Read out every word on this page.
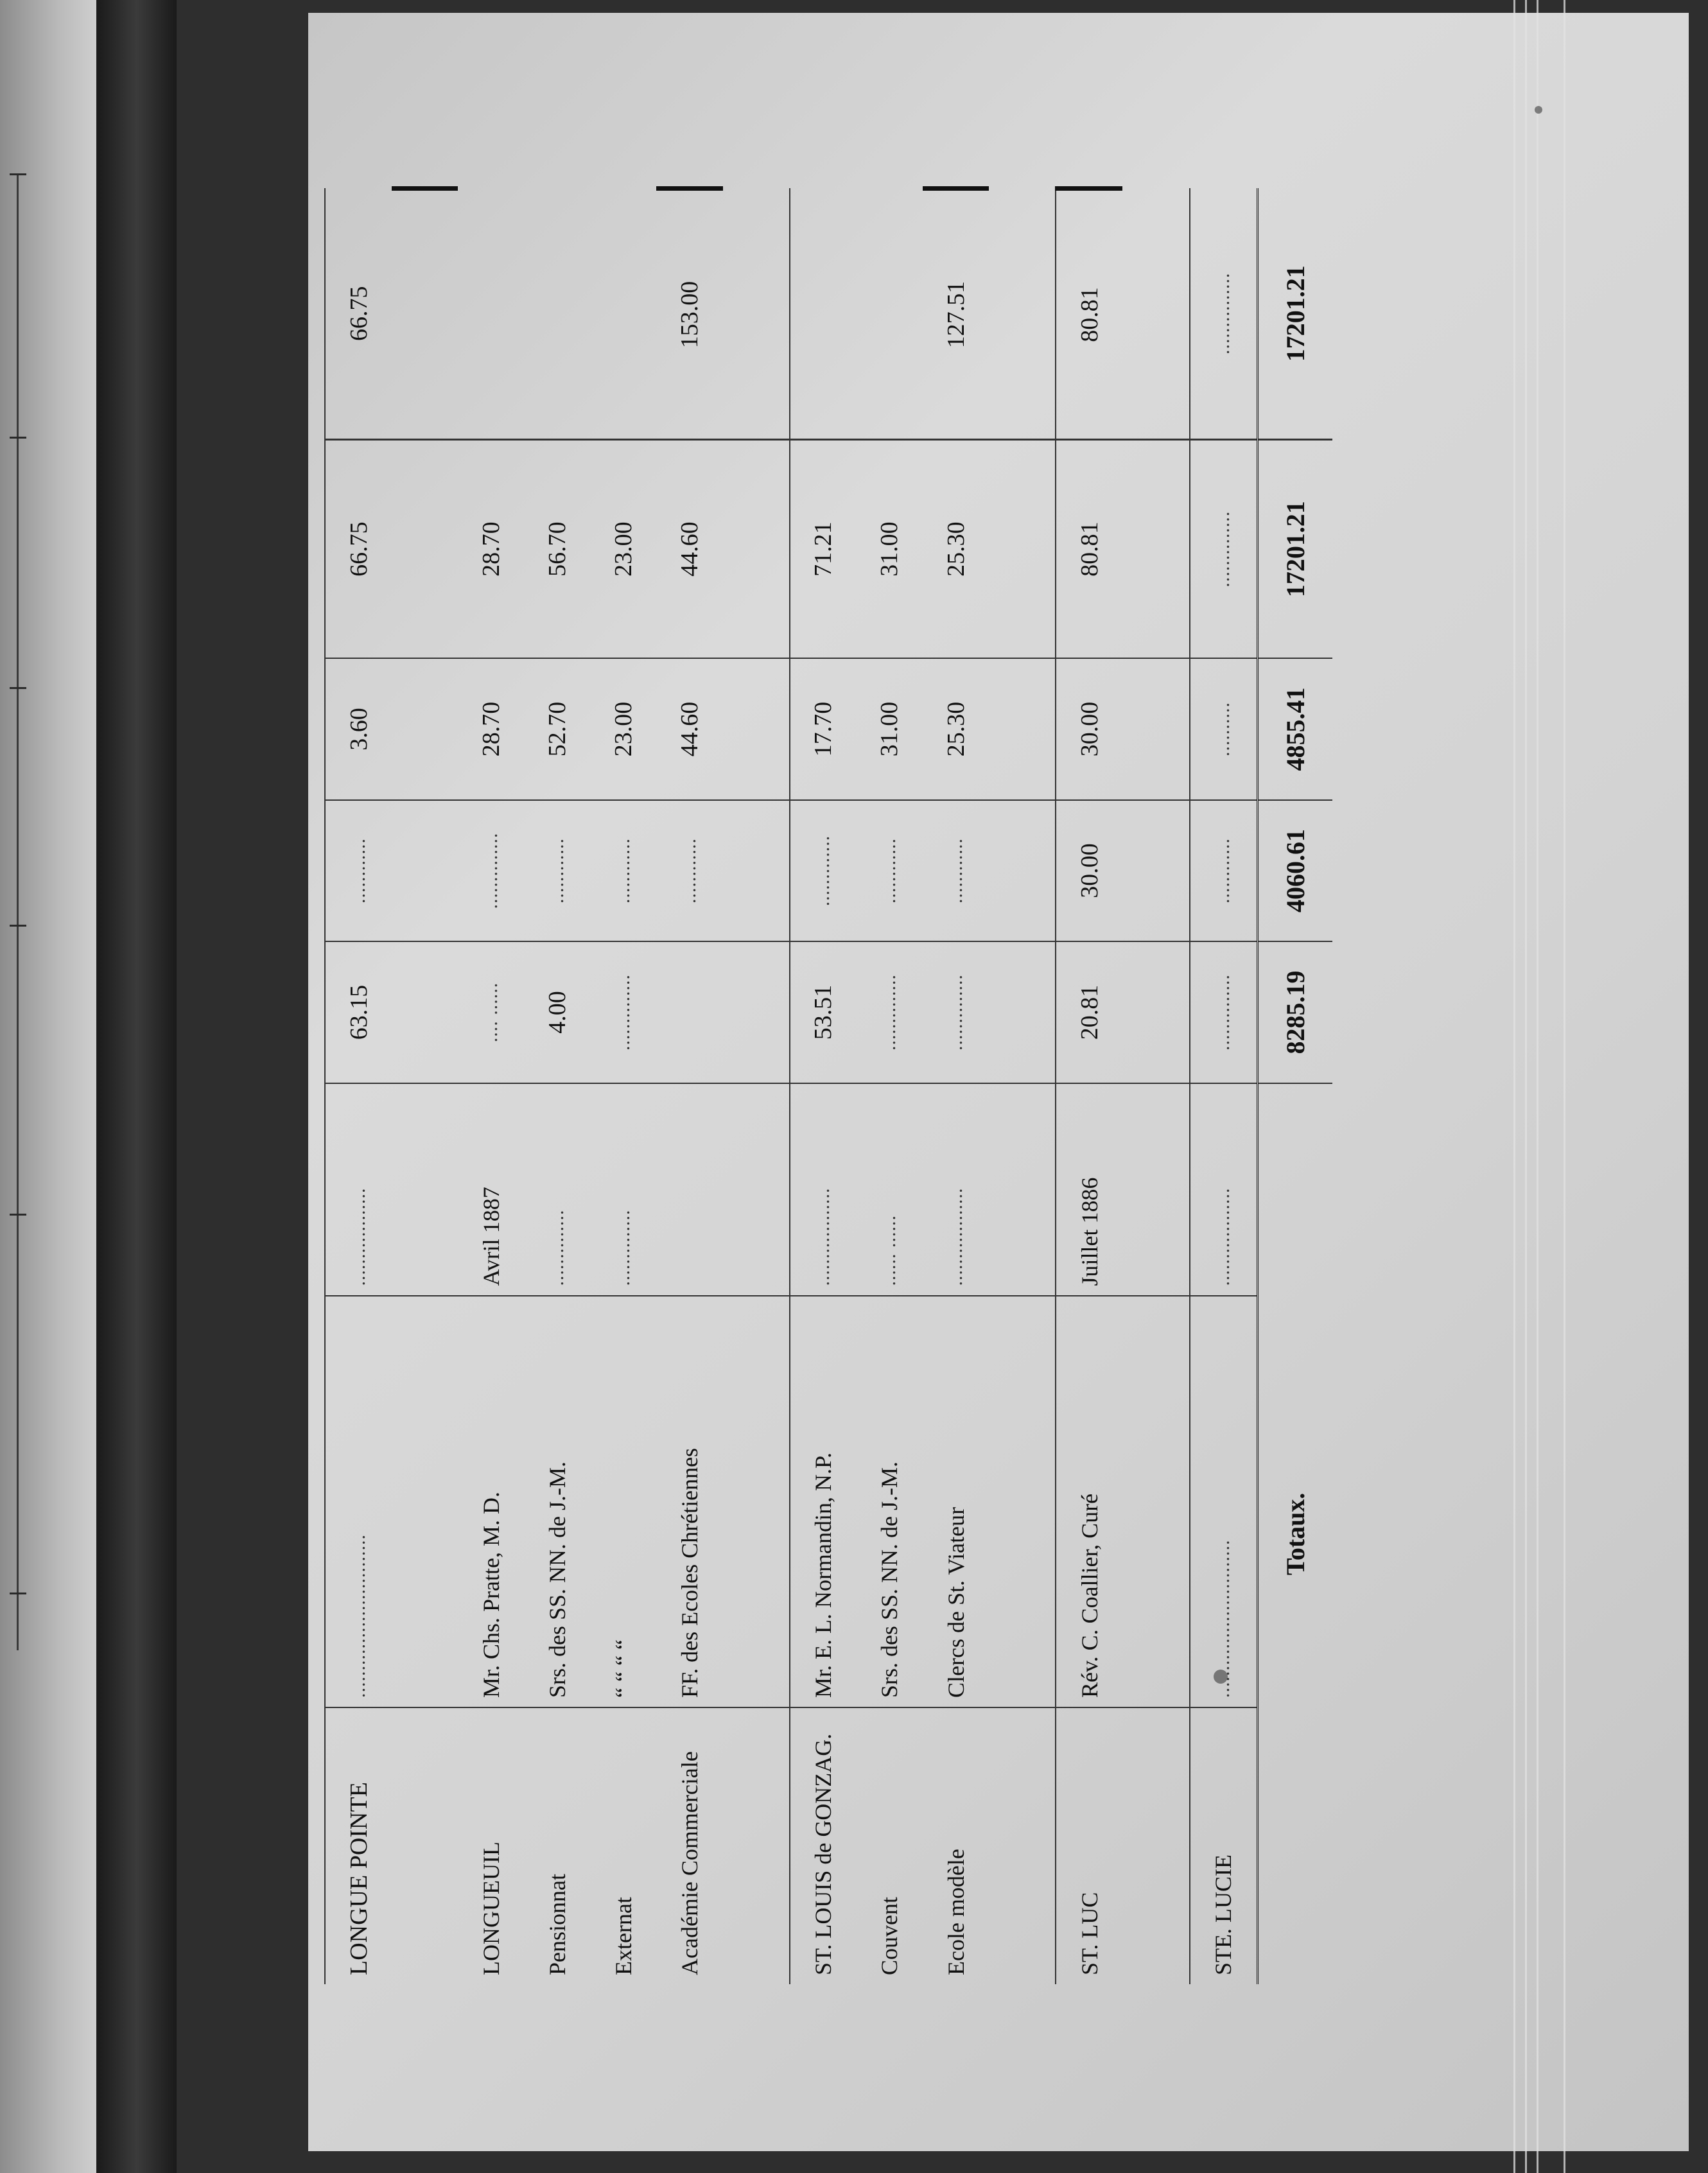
LONGUE POINTE	..............................	..................	63.15	............	3.60	66.75	66.75

LONGUEUIL	Mr. Chs. Pratte, M. D.	Avril 1887	.... ......	..............	28.70	28.70	
Pensionnat	Srs. des SS. NN. de J.-M.	..............	4.00	............	52.70	56.70	
Externat	“ “ “ “	..............	..............	............	23.00	23.00	
Académie Commerciale	FF. des Ecoles Chrétiennes			............	44.60	44.60	153.00

ST. LOUIS de GONZAG.	Mr. E. L. Normandin, N.P.	..................	53.51	.............	17.70	71.21	
Couvent	Srs. des SS. NN. de J.-M.	...... ......	..............	............	31.00	31.00	
Ecole modèle	Clercs de St. Viateur	..................	..............	............	25.30	25.30	127.51

ST. LUC	Rév. C. Coallier, Curé	Juillet 1886	20.81	30.00	30.00	80.81	80.81

STE. LUCIE	.............................	..................	..............	............	..........	..............	...............
Totaux.			8285.19	4060.61	4855.41	17201.21	17201.21
